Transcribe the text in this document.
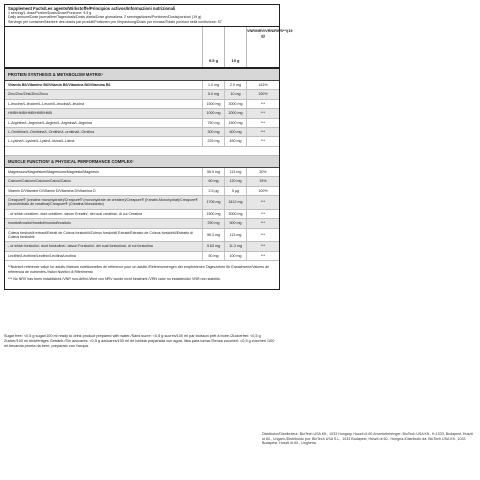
Supplement Facts/Les agents/Wirkstoffe/Principios activos/Informazioni nutrizionali
1 serving/1 dose/Portion/Dosis/Dose/Porzione: 9.5 g
Daily amount/Dose journalière/Tagesdosis/Dosis diaria/Dose giornaliera: 2 servings/doses/Portionen/Dosis/porzioni (19 g)
Servings per container/Nombre des doses par produit/Portionen pro Verpackung/Dosis por envase/Totale porzioni nella confezione: 57
9.5 g	19 g
VNR/NRV/VRN/RWS**/(19 g)
PROTEIN SYNTHESIS & METABOLISM MATRIX¹
Vitamin B6/Vitamine B6/Vitamin B6/Vitamina B6/Vitamina B6	1.0 mg	2.0 mg	143%
Zinc/Zinc/Zink/Zinc/Zinco	5.0 mg	10 mg	100%
L-leucine/L-leucine/L-Leucin/L-leucina/L-leucina	1500 mg	3000 mg	***
HMB/HMB/HMB/HMB/HMB	1000 mg	2000 mg	***
L-Arginine/L-Arginine/L-Arginin/L-Arginina/L-Arginina	750 mg	1500 mg	***
L-Ornithine/L-Ornithine/L-Ornithin/L-ornitina/L-Ornitina	300 mg	600 mg	***
L-Lysine/L-Lysine/L-Lysin/L-lisina/L-Lisina	225 mg	450 mg	***
MUSCLE FUNCTION² & PHYSICAL PERFORMANCE COMPLEX³
Magnesium/Magnésium/Magnesium/Magnesio/Magnesio	56.5 mg	113 mg	30%
Calcium/Calcium/Calcium/Calcio/Calcio	60 mg	120 mg	15%
Vitamin D/Vitamine D/Vitamin D/Vitamina D/Vitamina D	2.5 µg	5 µg	100%
Creapure® (creatine monohydrate)/Creapure® (monohydrate de créatine)/Creapure® (Kreatin-Monohydrat)/Creapure® (monohidrato de creatina)/Creapure® (Creatina Monoidrato)
1706 mg	3412 mg	***
- of which creatine/- dont créatine/- davon Kreatin/- del cual creatina/- di cui Creatina	1500 mg	3000 mg	***
Inositol/Inositol/Inositol/Inositol/Inositolo	250 mg	500 mg	***
Coleus forskohlii extract/Extrait de Coleus forskohlii/Coleus forskohlii Extrakt/Extracto de Coleus forskohlii/Estratto di Coleus forskohlii
56.3 mg	113 mg	***
- of which forskolin/- dont forskoline/- davon Forskolin/- del cual forskolina/- di cui forskolina	5.63 mg	11.3 mg	***
Lecithin/Lécithine/Lecithin/Lecitina/Lecitina	50 mg	100 mg	***

**Nutrient reference value for adults./Valeurs nutritionnelles de référence pour un adulte./Referenzmengen der empfohlenen Tageszufuhr für Erwachsene/Valores de referencia de nutrientes./Valori Nutritivi di Riferimento

*** No NRV has been established./VNR non-défini./Wert von NRV wurde nicht bestimmt./VRN valor no establecido/ VNR non stabilito.

Sugar free: <0.5 g sugar/100 ml ready to drink product prepared with water./Sans sucre: <0,5 g sucres/100 ml par boisson prêt à boire./Zuckerfrei: <0,5 g Zucker/100 ml trinkfertiges Getränk./Sin azúcares: <0,5 g azúcares/100 ml de bebida preparada con agua, lista para tomar./Senza zuccheri: <0,5 g zuccheri /100 ml bevanda pronta da bere, preparato con l'acqua.
Distributor/Distributeur: BioTech USA Kft., 1033 Hungary, Huszti út 60./Inverkehrbringer: BioTech USA Kft., H-1033, Budapest, Huszti út 60., Ungarn./Distribuido por: BioTech USA S.L., 1033 Budapest, Huszti út 60., Hungría./Distribuito da: BioTech USA Kft., 1033 Budapest, Huszti út 60., Ungheria.
